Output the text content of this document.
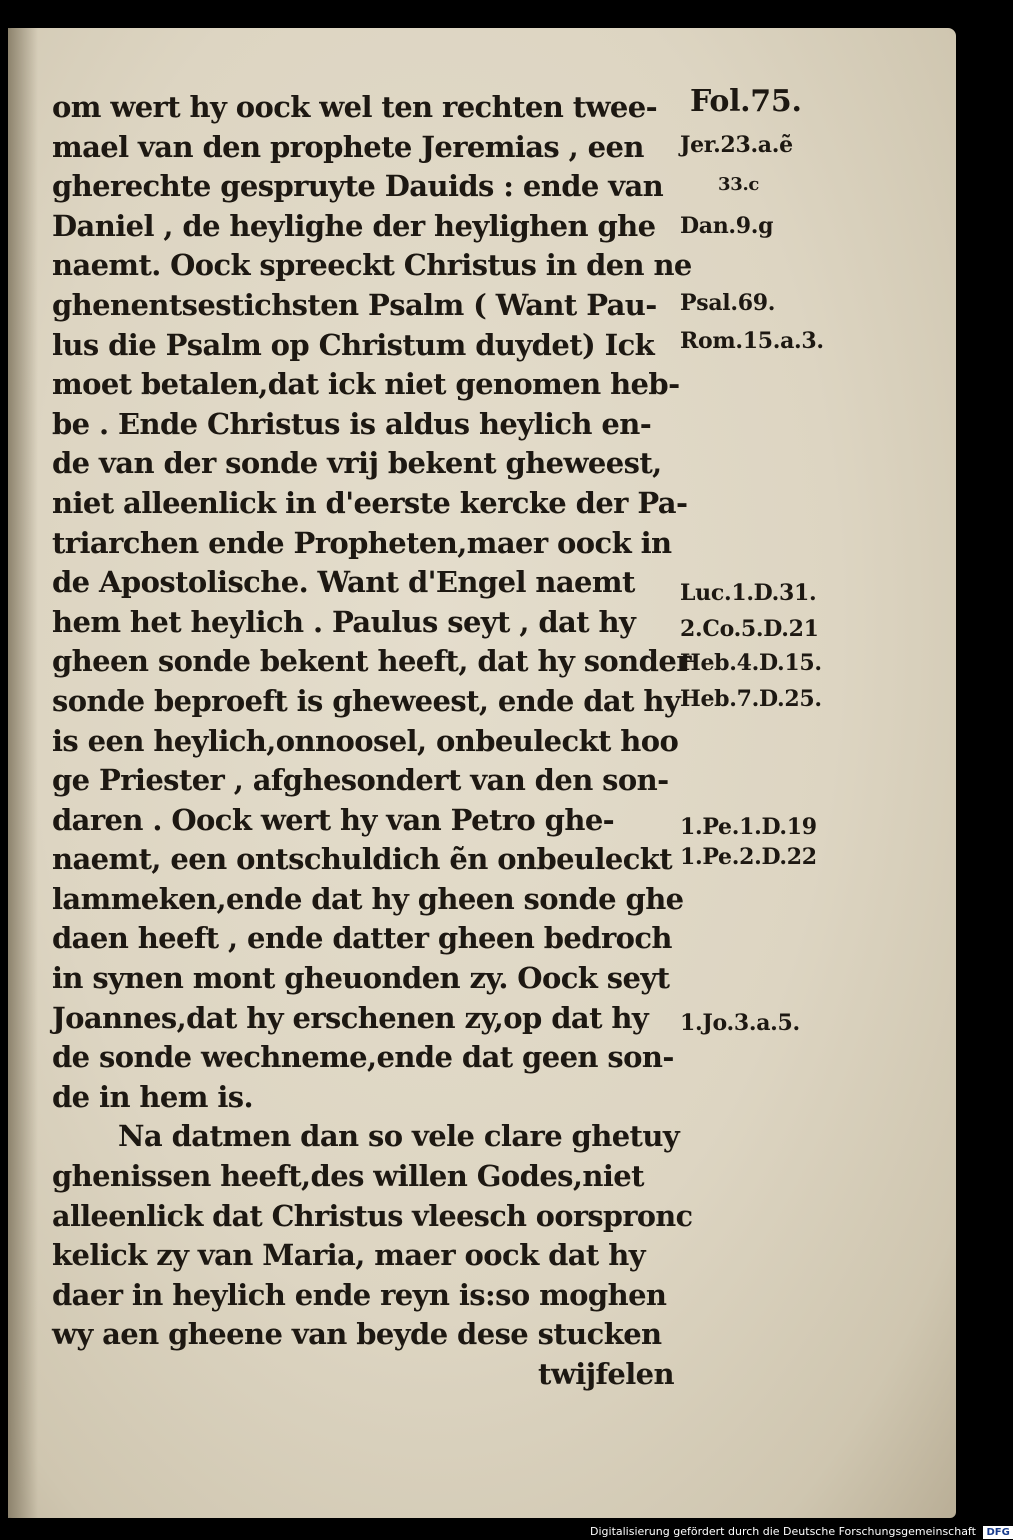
Fol.75.
Jer.23.a.ẽ
33.c
Dan.9.g
Psal.69.
Rom.15.a.3.
Luc.1.D.31.
2.Co.5.D.21
Heb.4.D.15.
Heb.7.D.25.
1.Pe.1.D.19
1.Pe.2.D.22
1.Jo.3.a.5.
om wert hy oock wel ten rechten twee-
mael van den prophete Jeremias , een
gherechte gespruyte Dauids : ende van
Daniel , de heylighe der heylighen ghe
naemt. Oock spreeckt Christus in den ne
ghenentsestichsten Psalm ( Want Pau-
lus die Psalm op Christum duydet) Ick
moet betalen,dat ick niet genomen heb-
be . Ende Christus is aldus heylich en-
de van der sonde vrij bekent gheweest,
niet alleenlick in d'eerste kercke der Pa-
triarchen ende Propheten,maer oock in
de Apostolische. Want d'Engel naemt
hem het heylich . Paulus seyt , dat hy
gheen sonde bekent heeft, dat hy sonder
sonde beproeft is gheweest, ende dat hy
is een heylich,onnoosel, onbeuleckt hoo
ge Priester , afghesondert van den son-
daren . Oock wert hy van Petro ghe-
naemt, een ontschuldich ẽn onbeuleckt
lammeken,ende dat hy gheen sonde ghe
daen heeft , ende datter gheen bedroch
in synen mont gheuonden zy. Oock seyt
Joannes,dat hy erschenen zy,op dat hy
de sonde wechneme,ende dat geen son-
de in hem is.
Na datmen dan so vele clare ghetuy
ghenissen heeft,des willen Godes,niet
alleenlick dat Christus vleesch oorspronc
kelick zy van Maria, maer oock dat hy
daer in heylich ende reyn is:so moghen
wy aen gheene van beyde dese stucken
twijfelen
Digitalisierung gefördert durch die Deutsche Forschungsgemeinschaft DFG
